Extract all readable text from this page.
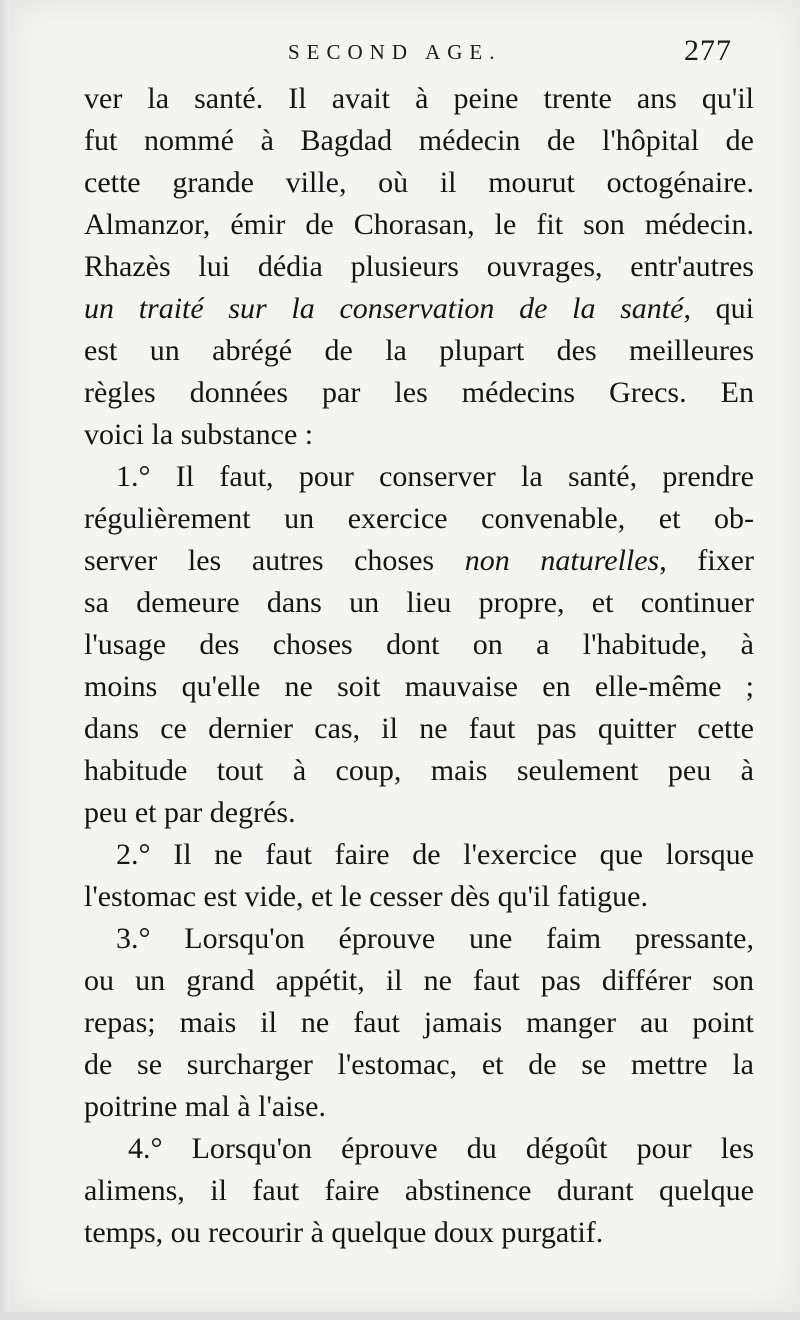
SECOND AGE.	277
ver la santé. Il avait à peine trente ans qu'il
fut nommé à Bagdad médecin de l'hôpital de
cette grande ville, où il mourut octogénaire.
Almanzor, émir de Chorasan, le fit son médecin.
Rhazès lui dédia plusieurs ouvrages, entr'autres
un traité sur la conservation de la santé, qui
est un abrégé de la plupart des meilleures
règles données par les médecins Grecs. En
voici la substance :
1.° Il faut, pour conserver la santé, prendre
régulièrement un exercice convenable, et ob-
server les autres choses non naturelles, fixer
sa demeure dans un lieu propre, et continuer
l'usage des choses dont on a l'habitude, à
moins qu'elle ne soit mauvaise en elle-même ;
dans ce dernier cas, il ne faut pas quitter cette
habitude tout à coup, mais seulement peu à
peu et par degrés.
2.° Il ne faut faire de l'exercice que lorsque
l'estomac est vide, et le cesser dès qu'il fatigue.
3.° Lorsqu'on éprouve une faim pressante,
ou un grand appétit, il ne faut pas différer son
repas; mais il ne faut jamais manger au point
de se surcharger l'estomac, et de se mettre la
poitrine mal à l'aise.
4.° Lorsqu'on éprouve du dégoût pour les
alimens, il faut faire abstinence durant quelque
temps, ou recourir à quelque doux purgatif.
